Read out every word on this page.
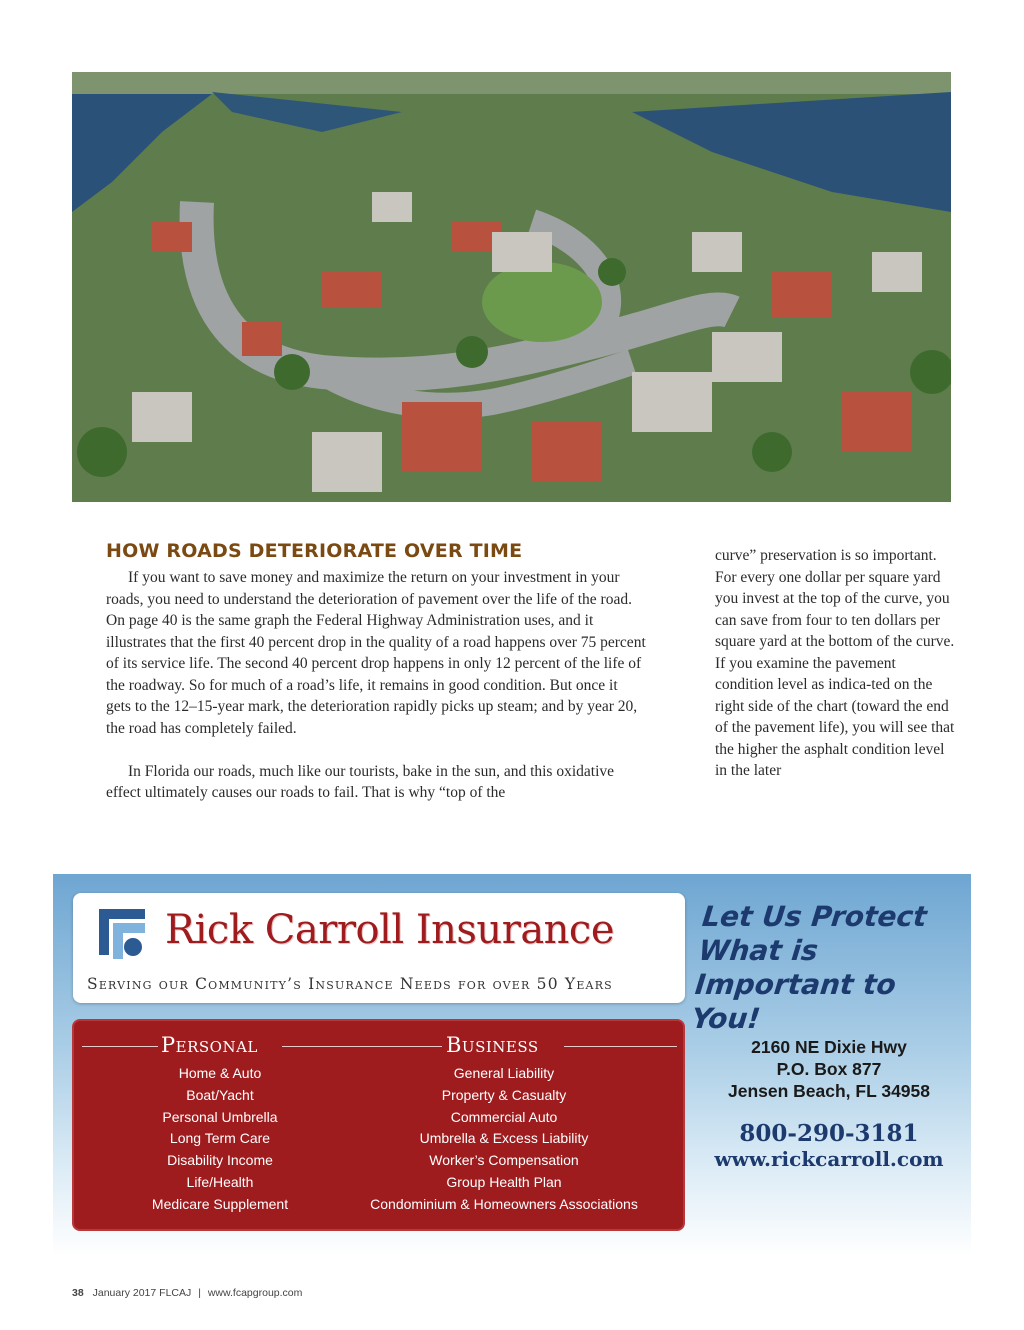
HOW ROADS DETERIORATE OVER TIME

If you want to save money and maximize the return on your investment in your roads, you need to understand the deterioration of pavement over the life of the road. On page 40 is the same graph the Federal Highway Administration uses, and it illustrates that the first 40 percent drop in the quality of a road happens over 75 percent of its service life. The second 40 percent drop happens in only 12 percent of the life of the roadway. So for much of a road’s life, it remains in good condition. But once it gets to the 12–15-year mark, the deterioration rapidly picks up steam; and by year 20, the road has completely failed.

In Florida our roads, much like our tourists, bake in the sun, and this oxidative effect ultimately causes our roads to fail. That is why “top of the

curve” preservation is so important. For every one dollar per square yard you invest at the top of the curve, you can save from four to ten dollars per square yard at the bottom of the curve. If you examine the pavement condition level as indica-ted on the right side of the chart (toward the end of the pavement life), you will see that the higher the asphalt condition level in the later

Rick Carroll Insurance
Serving our Community’s Insurance Needs for over 50 Years
Let Us Protect What is Important to You!
Personal	Business
Home & Auto
Boat/Yacht
Personal Umbrella
Long Term Care
Disability Income
Life/Health
Medicare Supplement
General Liability
Property & Casualty
Commercial Auto
Umbrella & Excess Liability
Worker’s Compensation
Group Health Plan
Condominium & Homeowners Associations
2160 NE Dixie Hwy
P.O. Box 877
Jensen Beach, FL 34958
800-290-3181
www.rickcarroll.com
38 January 2017 FLCAJ | www.fcapgroup.com
